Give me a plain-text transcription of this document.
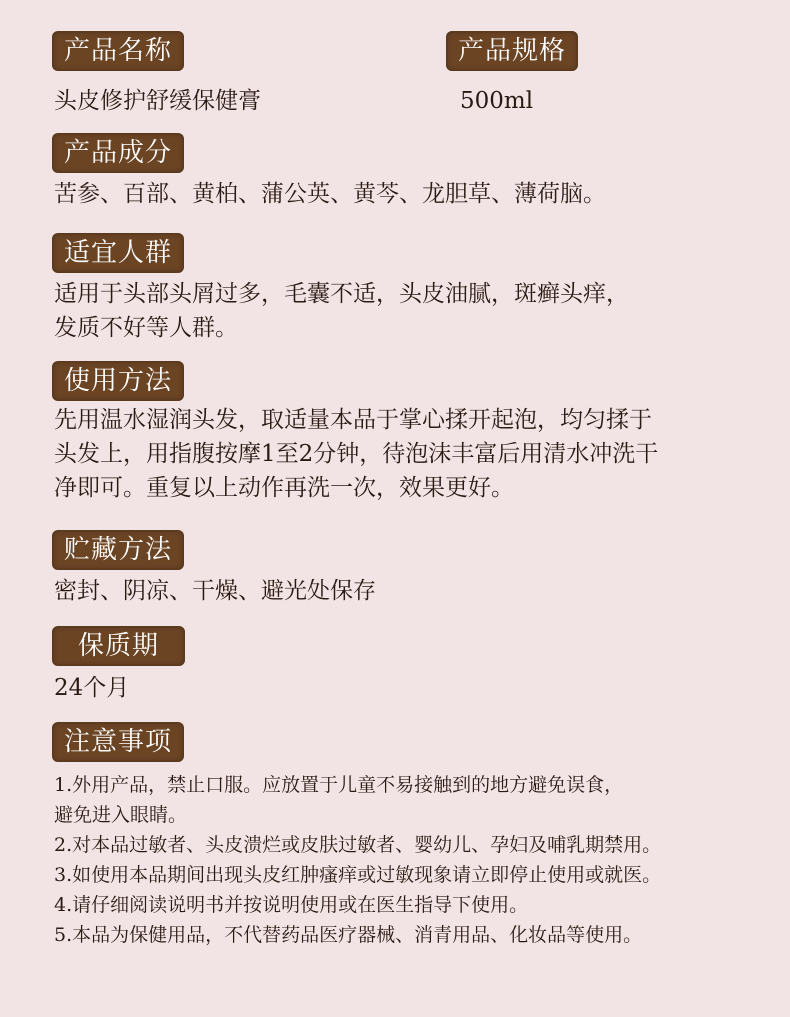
产品名称
头皮修护舒缓保健膏
产品规格
500ml
产品成分
苦参、百部、黄柏、蒲公英、黄芩、龙胆草、薄荷脑。
适宜人群
适用于头部头屑过多，毛囊不适，头皮油腻，斑癣头痒，
发质不好等人群。
使用方法
先用温水湿润头发，取适量本品于掌心揉开起泡，均匀揉于
头发上，用指腹按摩1至2分钟，待泡沫丰富后用清水冲洗干
净即可。重复以上动作再洗一次，效果更好。
贮藏方法
密封、阴凉、干燥、避光处保存
保质期
24个月
注意事项
1.外用产品，禁止口服。应放置于儿童不易接触到的地方避免误食，
避免进入眼睛。
2.对本品过敏者、头皮溃烂或皮肤过敏者、婴幼儿、孕妇及哺乳期禁用。
3.如使用本品期间出现头皮红肿瘙痒或过敏现象请立即停止使用或就医。
4.请仔细阅读说明书并按说明使用或在医生指导下使用。
5.本品为保健用品，不代替药品医疗器械、消青用品、化妆品等使用。
